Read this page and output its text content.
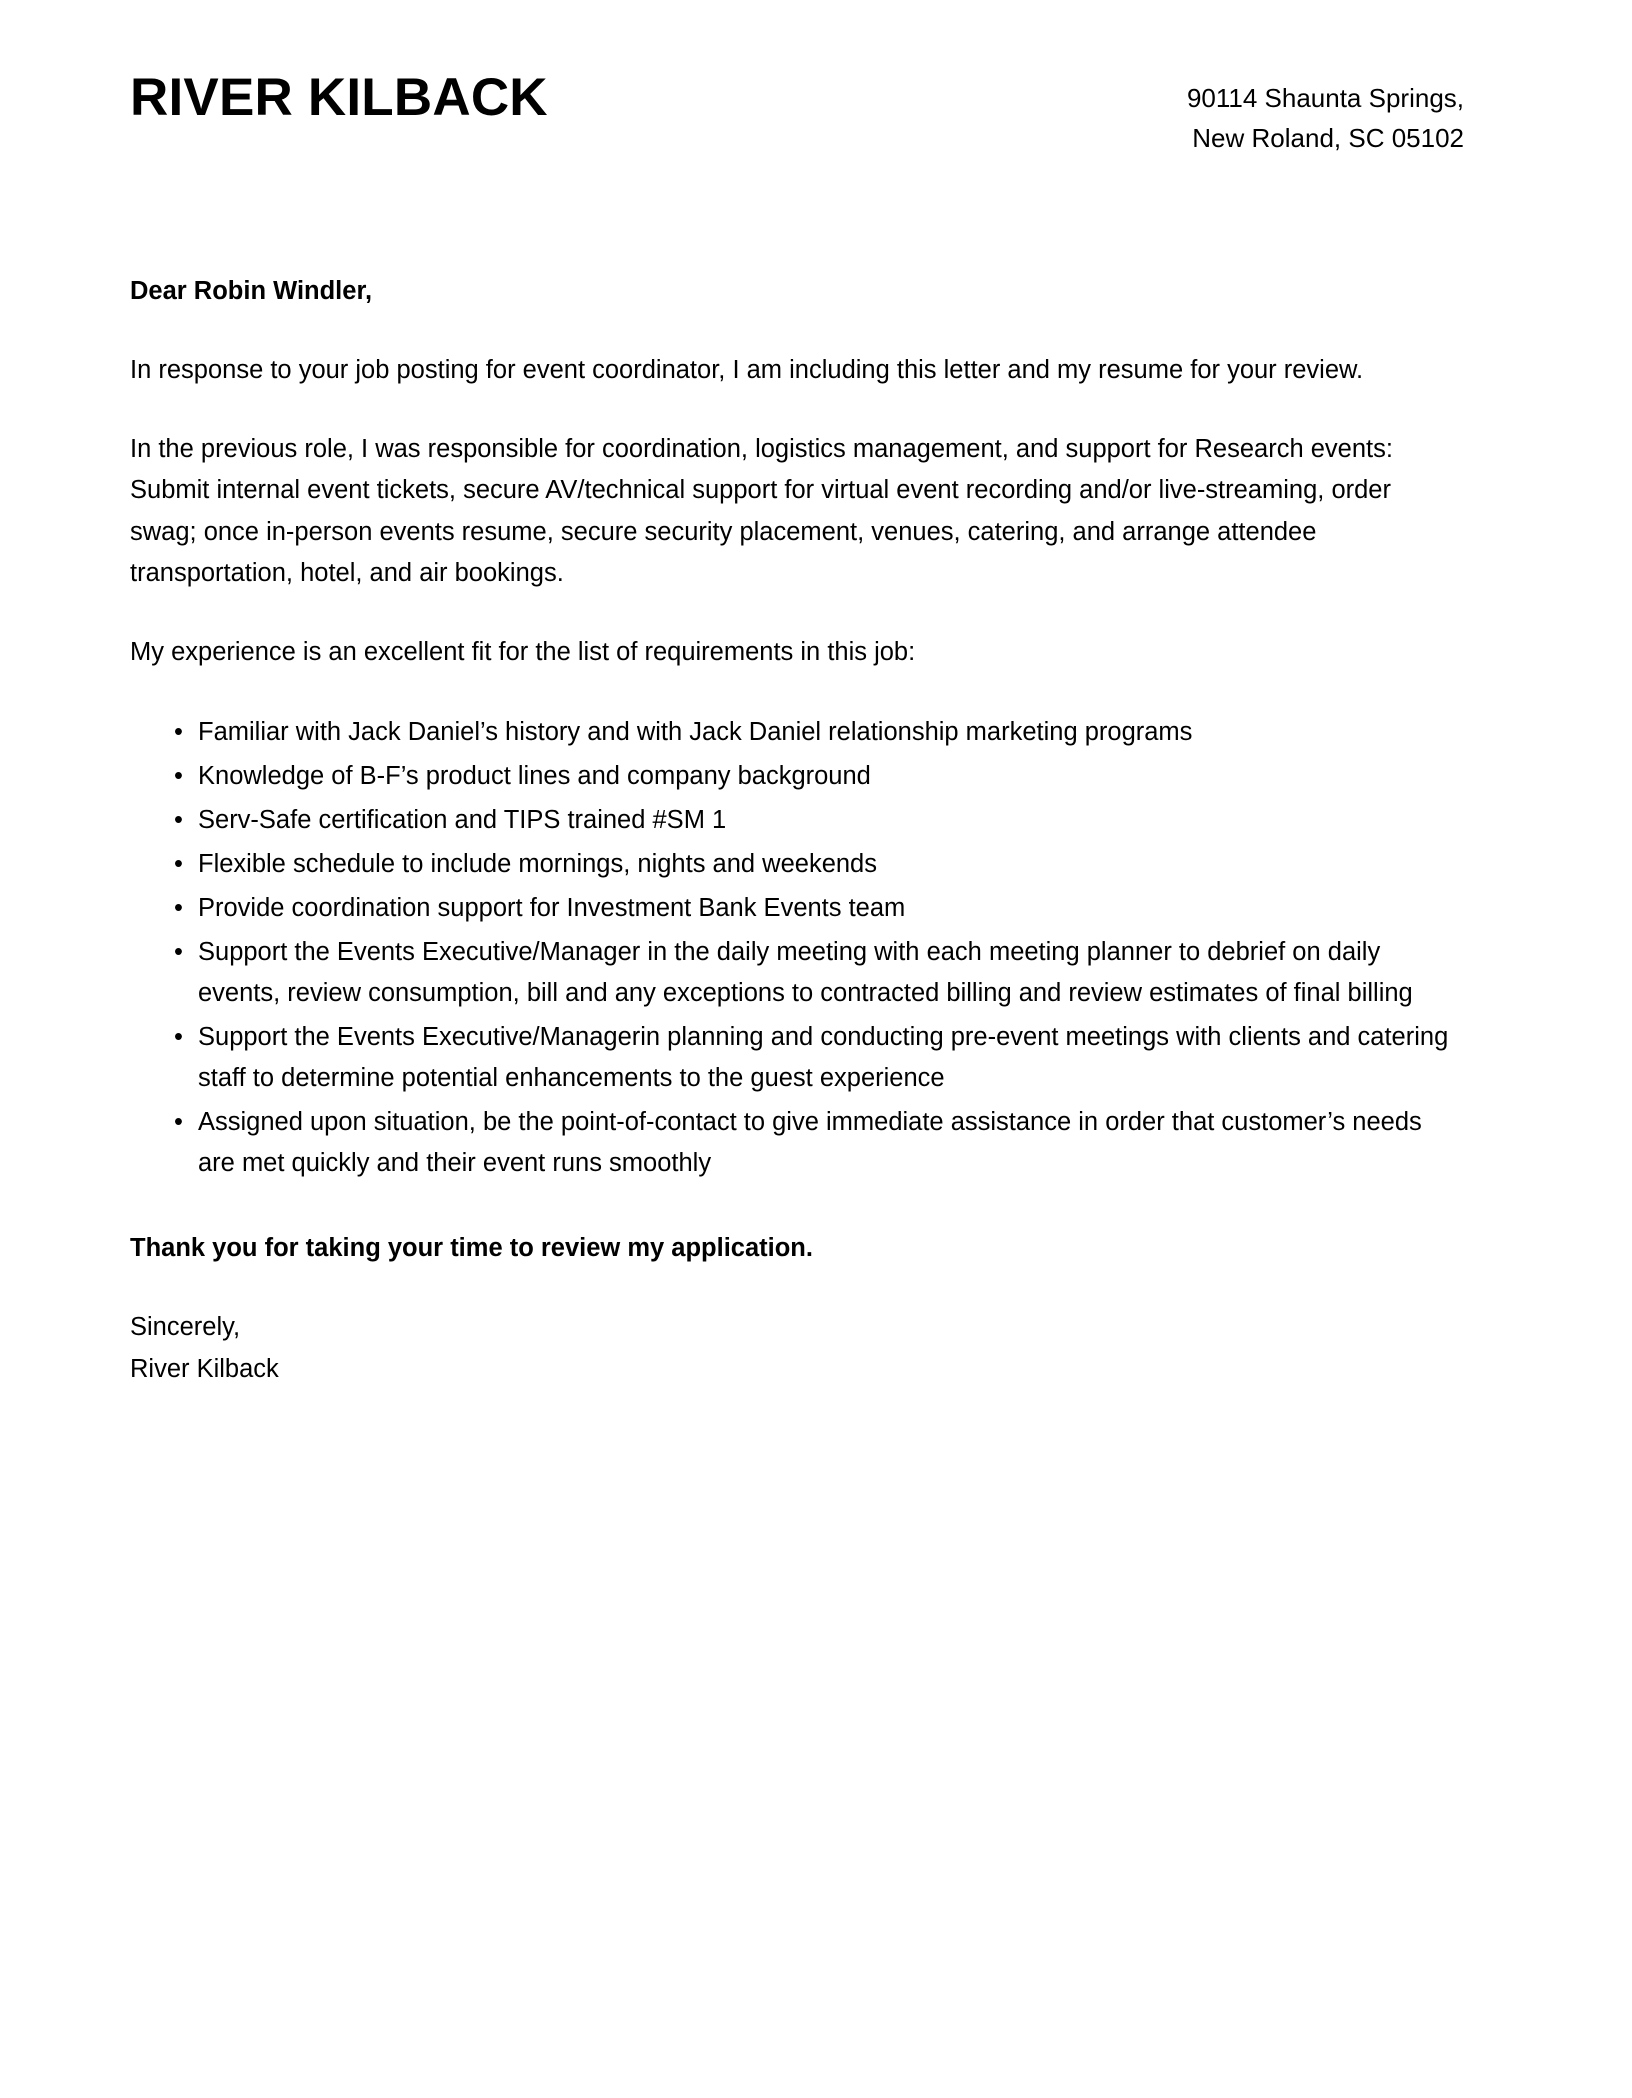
RIVER KILBACK	90114 Shaunta Springs,
New Roland, SC 05102

Dear Robin Windler,

In response to your job posting for event coordinator, I am including this letter and my resume for your review.

In the previous role, I was responsible for coordination, logistics management, and support for Research events: Submit internal event tickets, secure AV/technical support for virtual event recording and/or live-streaming, order swag; once in-person events resume, secure security placement, venues, catering, and arrange attendee transportation, hotel, and air bookings.

My experience is an excellent fit for the list of requirements in this job:

• Familiar with Jack Daniel’s history and with Jack Daniel relationship marketing programs
• Knowledge of B-F’s product lines and company background
• Serv-Safe certification and TIPS trained #SM 1
• Flexible schedule to include mornings, nights and weekends
• Provide coordination support for Investment Bank Events team
• Support the Events Executive/Manager in the daily meeting with each meeting planner to debrief on daily events, review consumption, bill and any exceptions to contracted billing and review estimates of final billing
• Support the Events Executive/Managerin planning and conducting pre-event meetings with clients and catering staff to determine potential enhancements to the guest experience
• Assigned upon situation, be the point-of-contact to give immediate assistance in order that customer’s needs are met quickly and their event runs smoothly

Thank you for taking your time to review my application.

Sincerely,
River Kilback
